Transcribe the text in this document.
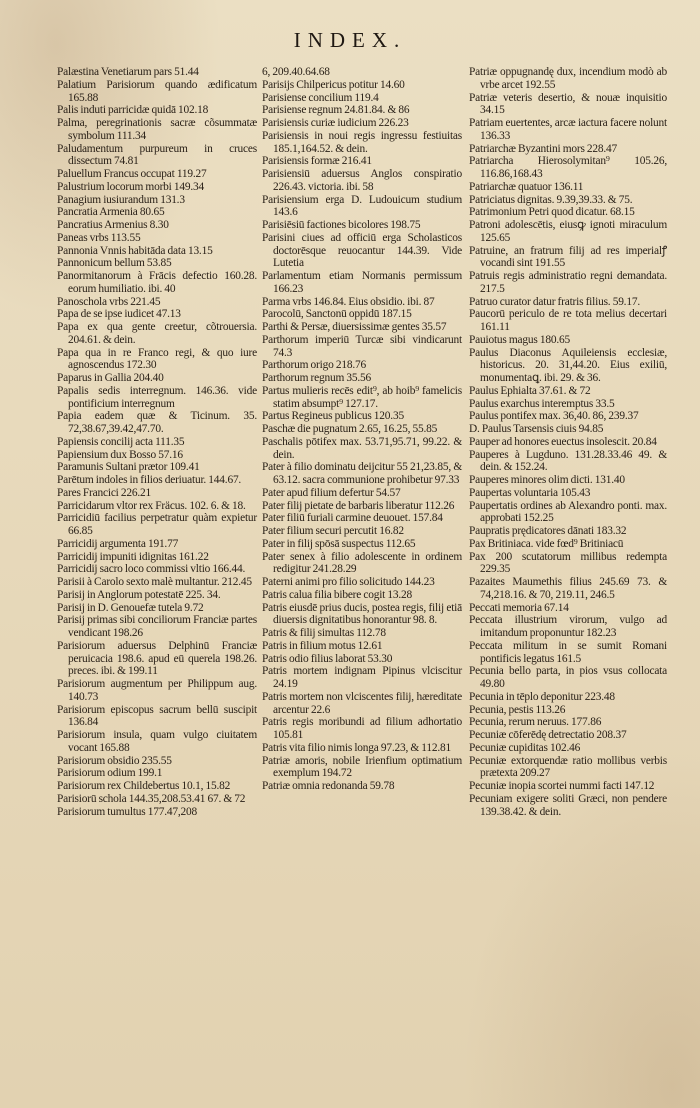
INDEX.
Palæstina Venetiarum pars 51.44
Palatium Parisiorum quando ædificatum 165.88
Palis induti parricidæ quidā 102.18
Palma, peregrinationis sacræ cõsummatæ symbolum 111.34
Paludamentum purpureum in cruces dissectum 74.81
Paluellum Francus occupat 119.27
Palustrium locorum morbi 149.34
Panagium iusiurandum 131.3
Pancratia Armenia 80.65
Pancratius Armenius 8.30
Paneas vrbs 113.55
Pannonia Vnnis habitāda data 13.15
Pannonicum bellum 53.85
Panormitanorum à Frācis defectio 160.28. eorum humiliatio. ibi. 40
Panoschola vrbs 221.45
Papa de se ipse iudicet 47.13
Papa ex qua gente creetur, cõtrouersia. 204.61. & dein.
Papa qua in re Franco regi, & quo iure agnoscendus 172.30
Paparus in Gallia 204.40
Papalis sedis interregnum. 146.36. vide pontificium interregnum
Papia eadem quæ & Ticinum. 35. 72,38.67,39.42,47.70.
Papiensis concilij acta 111.35
Papiensium dux Bosso 57.16
Paramunis Sultani prætor 109.41
Parētum indoles in filios deriuatur. 144.67.
Pares Francici 226.21
Parricidarum vltor rex Fräcus. 102. 6. & 18.
Parricidiū facilius perpetratur quàm expietur 66.85
Parricidij argumenta 191.77
Parricidij impuniti idignitas 161.22
Parricidij sacro loco commissi vltio 166.44.
Parisii à Carolo sexto malè multantur. 212.45
Parisij in Anglorum potestatē 225. 34.
Parisij in D. Genouefæ tutela 9.72
Parisij primas sibi conciliorum Franciæ partes vendicant 198.26
Parisiorum aduersus Delphinū Franciæ peruicacia 198.6. apud eū querela 198.26. preces. ibi. & 199.11
Parisiorum augmentum per Philippum aug. 140.73
Parisiorum episcopus sacrum bellū suscipit 136.84
Parisiorum insula, quam vulgo ciuitatem vocant 165.88
Parisiorum obsidio 235.55
Parisiorum odium 199.1
Parisiorum rex Childebertus 10.1, 15.82
Parisiorū schola 144.35,208.53.41 67. & 72
Parisiorum tumultus 177.47,208
6, 209.40.64.68
Parisijs Chilpericus potitur 14.60
Parisiense concilium 119.4
Parisiense regnum 24.81.84. & 86
Parisiensis curiæ iudicium 226.23
Parisiensis in noui regis ingressu festiuitas 185.1,164.52. & dein.
Parisiensis formæ 216.41
Parisiensiū aduersus Anglos conspiratio 226.43. victoria. ibi. 58
Parisiensium erga D. Ludouicum studium 143.6
Parisiēsiū factiones bicolores 198.75
Parisini ciues ad officiū erga Scholasticos doctorēsque reuocantur 144.39. Vide Lutetia
Parlamentum etiam Normanis permissum 166.23
Parma vrbs 146.84. Eius obsidio. ibi. 87
Parocolū, Sanctonū oppidū 187.15
Parthi & Persæ, diuersissimæ gentes 35.57
Parthorum imperiū Turcæ sibi vindicarunt 74.3
Parthorum origo 218.76
Parthorum regnum 35.56
Partus mulieris recēs edit⁹, ab hoib⁹ famelicis statim absumpt⁹ 127.17.
Partus Regineus publicus 120.35
Paschæ die pugnatum 2.65, 16.25, 55.85
Paschalis pōtifex max. 53.71,95.71, 99.22. & dein.
Pater à filio dominatu deijcitur 55 21,23.85, & 63.12. sacra communione prohibetur 97.33
Pater apud filium defertur 54.57
Pater filij pietate de barbaris liberatur 112.26
Pater filiū furiali carmine deuouet. 157.84
Pater filium securi percutit 16.82
Pater in filij spōsā suspectus 112.65
Pater senex à filio adolescente in ordinem redigitur 241.28.29
Paterni animi pro filio solicitudo 144.23
Patris calua filia bibere cogit 13.28
Patris eiusdē prius ducis, postea regis, filij etiā diuersis dignitatibus honorantur 98. 8.
Patris & filij simultas 112.78
Patris in filium motus 12.61
Patris odio filius laborat 53.30
Patris mortem indignam Pipinus vlciscitur 24.19
Patris mortem non vlciscentes filij, hæreditate arcentur 22.6
Patris regis moribundi ad filium adhortatio 105.81
Patris vita filio nimis longa 97.23, & 112.81
Patriæ amoris, nobile Irienfium optimatium exemplum 194.72
Patriæ omnia redonanda 59.78
Patriæ oppugnandę dux, incendium modò ab vrbe arcet 192.55
Patriæ veteris desertio, & nouæ inquisitio 34.15
Patriam euertentes, arcæ iactura facere nolunt 136.33
Patriarchæ Byzantini mors 228.47
Patriarcha Hierosolymitan⁹ 105.26, 116.86,168.43
Patriarchæ quatuor 136.11
Patriciatus dignitas. 9.39,39.33. & 75.
Patrimonium Petri quod dicatur. 68.15
Patroni adolescētis, eiusꝙ ignoti miraculum 125.65
Patruine, an fratrum filij ad res imperialꝭ vocandi sint 191.55
Patruis regis administratio regni demandata. 217.5
Patruo curator datur fratris filius. 59.17.
Paucorū periculo de re tota melius decertari 161.11
Pauiotus magus 180.65
Paulus Diaconus Aquileiensis ecclesiæ, historicus. 20. 31,44.20. Eius exiliū, monumentaꝗ. ibi. 29. & 36.
Paulus Ephialta 37.61. & 72
Paulus exarchus interemptus 33.5
Paulus pontifex max. 36,40. 86, 239.37
D. Paulus Tarsensis ciuis 94.85
Pauper ad honores euectus insolescit. 20.84
Pauperes à Lugduno. 131.28.33.46 49. & dein. & 152.24.
Pauperes minores olim dicti. 131.40
Paupertas voluntaria 105.43
Paupertatis ordines ab Alexandro ponti. max. approbati 152.25
Paupratis prędicatores dānati 183.32
Pax Britiniaca. vide fœd⁹ Britiniacū
Pax 200 scutatorum millibus redempta 229.35
Pazaites Maumethis filius 245.69 73. & 74,218.16. & 70, 219.11, 246.5
Peccati memoria 67.14
Peccata illustrium virorum, vulgo ad imitandum proponuntur 182.23
Peccata militum in se sumit Romani pontificis legatus 161.5
Pecunia bello parta, in pios vsus collocata 49.80
Pecunia in tēplo deponitur 223.48
Pecunia, pestis 113.26
Pecunia, rerum neruus. 177.86
Pecuniæ cōferēdę detrectatio 208.37
Pecuniæ cupiditas 102.46
Pecuniæ extorquendæ ratio mollibus verbis prætexta 209.27
Pecuniæ inopia scortei nummi facti 147.12
Pecuniam exigere soliti Græci, non pendere 139.38.42. & dein.
